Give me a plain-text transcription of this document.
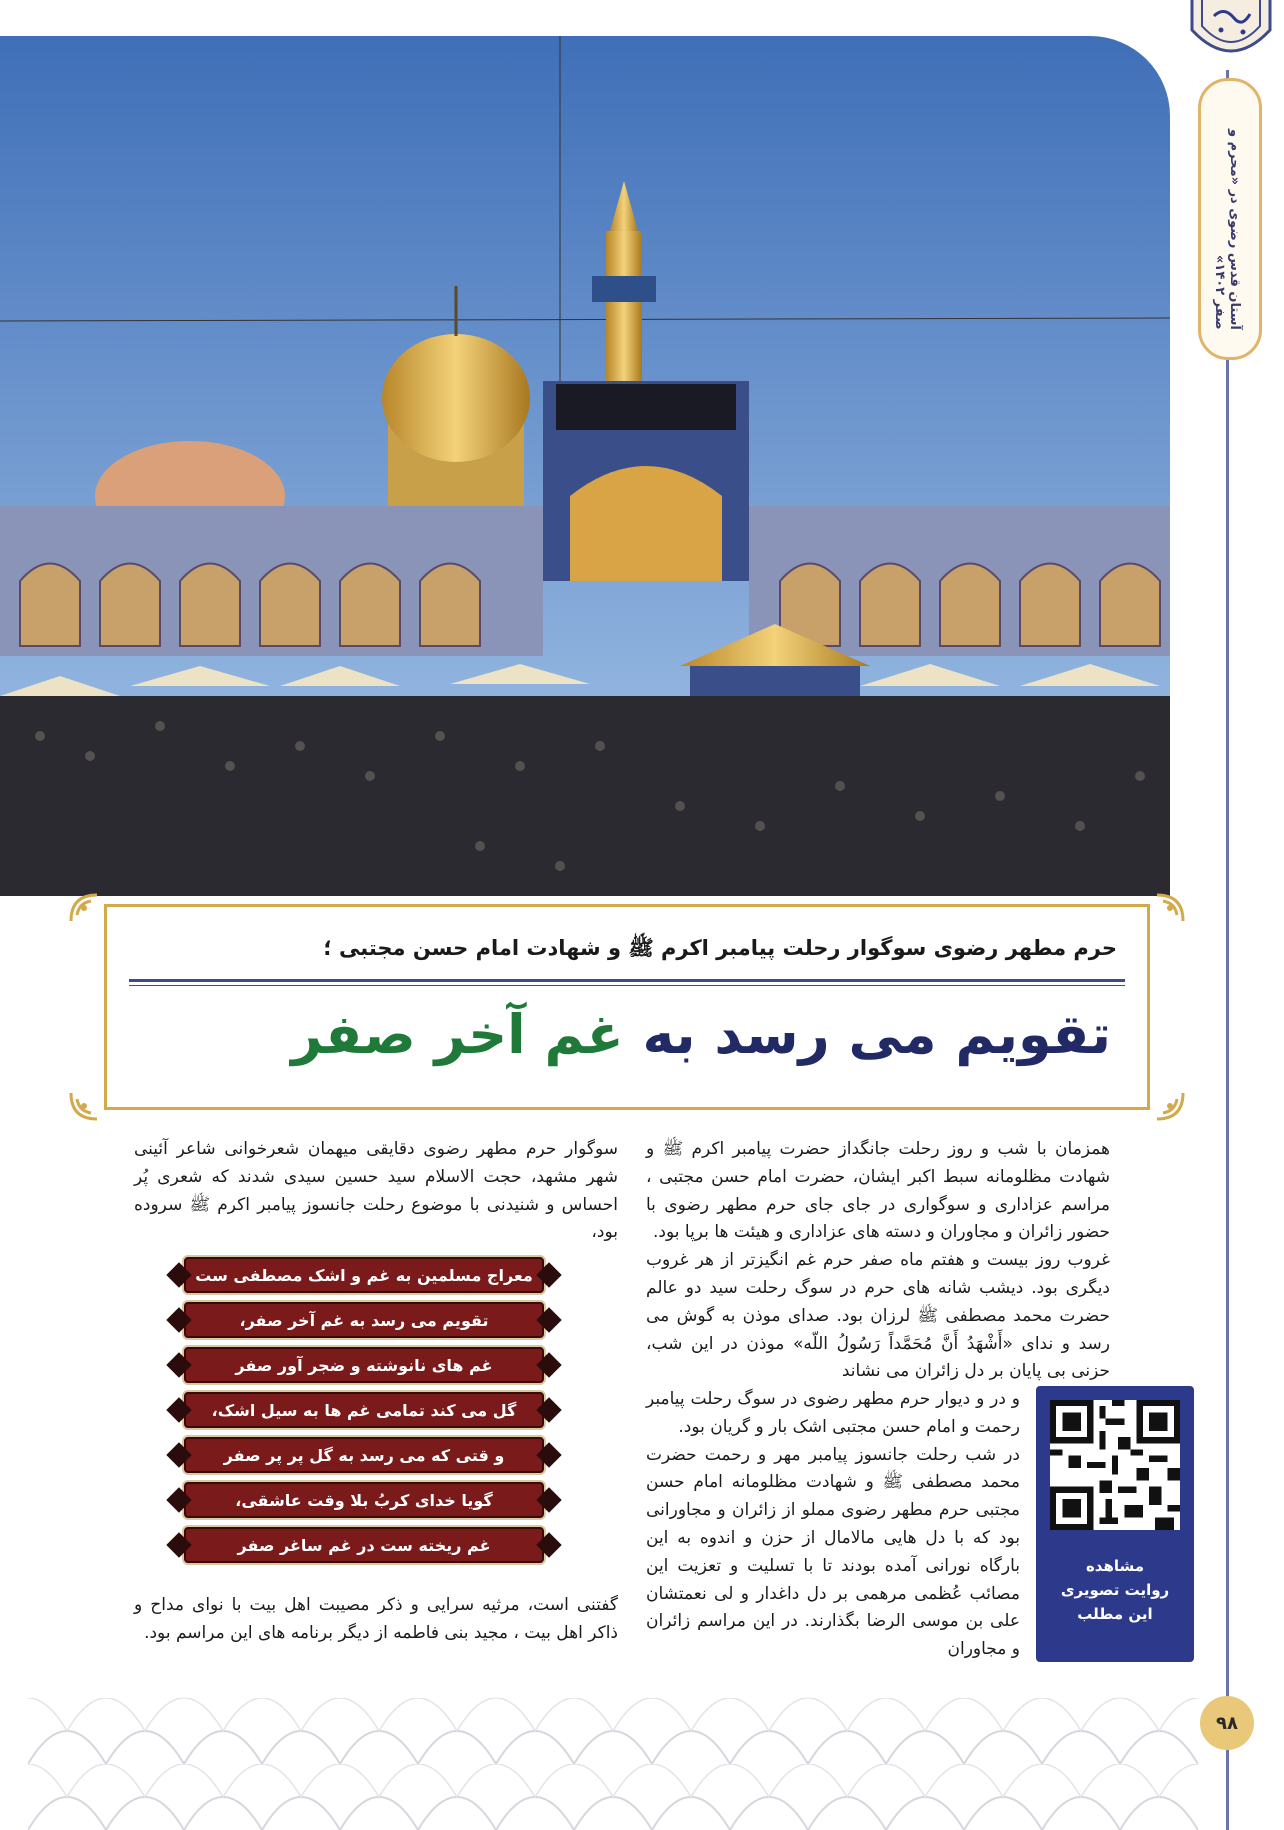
آستان قدس رضوی در «محرم و صفر ۱۴۰۲»
حرم مطهر رضوی سوگوار رحلت پیامبر اکرم ﷺ و شهادت امام حسن مجتبی ؛
تقویم می رسد به غم آخر صفر

همزمان با شب و روز رحلت جانگداز حضرت پیامبر اکرم ﷺ و شهادت مظلومانه سبط اکبر ایشان، حضرت امام حسن مجتبی ، مراسم عزاداری و سوگواری در جای جای حرم مطهر رضوی با حضور زائران و مجاوران و دسته های عزاداری و هیئت ها برپا بود.

غروب روز بیست و هفتم ماه صفر حرم غم انگیزتر از هر غروب دیگری بود. دیشب شانه های حرم در سوگ رحلت سید دو عالم حضرت محمد مصطفی ﷺ لرزان بود. صدای موذن به گوش می رسد و ندای «أَشْهَدُ أَنَّ مُحَمَّداً رَسُولُ اللّه» موذن در این شب، حزنی بی پایان بر دل زائران می نشاند

و در و دیوار حرم مطهر رضوی در سوگ رحلت پیامبر رحمت و امام حسن مجتبی اشک بار و گریان بود.

در شب رحلت جانسوز پیامبر مهر و رحمت حضرت محمد مصطفی ﷺ و شهادت مظلومانه امام حسن مجتبی حرم مطهر رضوی مملو از زائران و مجاورانی بود که با دل هایی مالامال از حزن و اندوه به این بارگاه نورانی آمده بودند تا با تسلیت و تعزیت این مصائب عُظمی مرهمی بر دل داغدار و لی نعمتشان علی بن موسی الرضا بگذارند. در این مراسم زائران و مجاوران

سوگوار حرم مطهر رضوی دقایقی میهمان شعرخوانی شاعر آئینی شهر مشهد، حجت الاسلام سید حسین سیدی شدند که شعری پُر احساس و شنیدنی با موضوع رحلت جانسوز پیامبر اکرم ﷺ سروده بود،

معراج مسلمین به غم و اشک مصطفی ست
تقویم می رسد به غم آخر صفر،
غم های نانوشته و ضجر آور صفر
گل می کند تمامی غم ها به سیل اشک،
و قتی که می رسد به گل پر پر صفر
گویا خدای کربُ بلا وقت عاشقی،
غم ریخته ست در غم ساغر صفر

گفتنی است، مرثیه سرایی و ذکر مصیبت اهل بیت با نوای مداح و ذاکر اهل بیت ، مجید بنی فاطمه از دیگر برنامه های این مراسم بود.

مشاهده
روایت تصویری
این مطلب
۹۸
